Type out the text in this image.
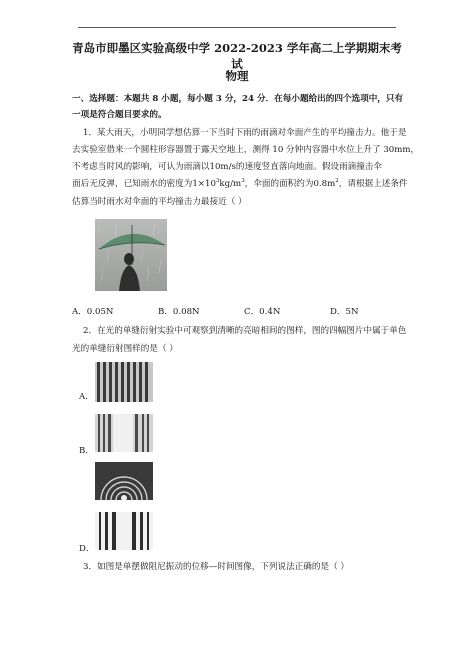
青岛市即墨区实验高级中学 2022-2023 学年高二上学期期末考试
物理
一、选择题：本题共 8 小题，每小题 3 分，24 分．在每小题给出的四个选项中，只有
一项是符合题目要求的。
1．某大雨天，小明同学想估算一下当时下雨的雨滴对伞面产生的平均撞击力。他于是
去实验室借来一个圆柱形容器置于露天空地上，测得 10 分钟内容器中水位上升了 30mm，
不考虑当时风的影响，可认为雨滴以10m/s的速度竖直落向地面。假设雨滴撞击伞
面后无反弹，已知雨水的密度为$1\times 10^3kg/m^3$，伞面的面积约为$0.8m^2$，请根据上述条件
估算当时雨水对伞面的平均撞击力最接近（ ）
A．0.05N	B．0.08N	C．0.4N	D．5N
2．在光的单缝衍射实验中可观察到清晰的亮暗相间的图样，图的四幅图片中属于单色
光的单缝衍射图样的是（ ）
A．
B．
D．
3．如图是单摆做阻尼振动的位移—时间图像，下列说法正确的是（ ）
